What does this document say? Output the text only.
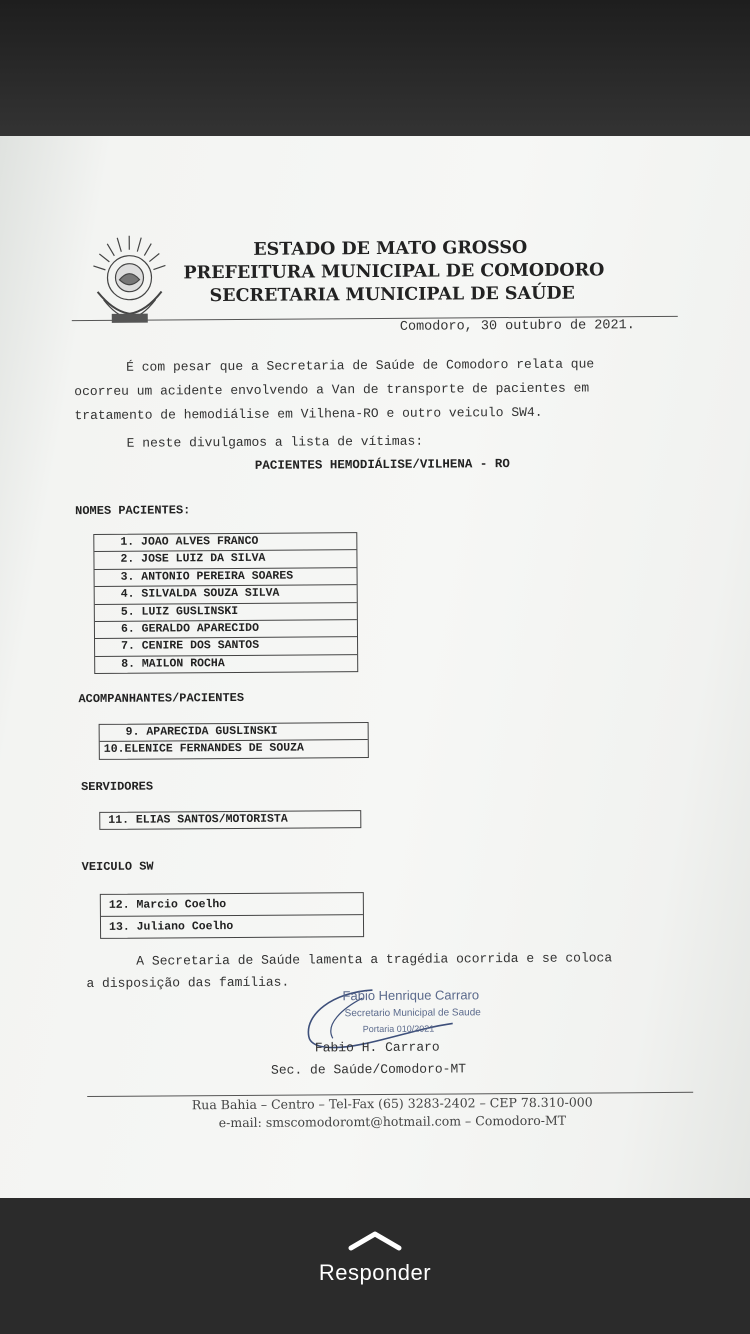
ESTADO DE MATO GROSSO
PREFEITURA MUNICIPAL DE COMODORO
SECRETARIA MUNICIPAL DE SAÚDE
Comodoro, 30 outubro de 2021.
É com pesar que a Secretaria de Saúde de Comodoro relata que
ocorreu um acidente envolvendo a Van de transporte de pacientes em
tratamento de hemodiálise em Vilhena-RO e outro veiculo SW4.
E neste divulgamos a lista de vítimas:
PACIENTES HEMODIÁLISE/VILHENA - RO
NOMES PACIENTES:
1. JOAO ALVES FRANCO
2. JOSE LUIZ DA SILVA
3. ANTONIO PEREIRA SOARES
4. SILVALDA SOUZA SILVA
5. LUIZ GUSLINSKI
6. GERALDO APARECIDO
7. CENIRE DOS SANTOS
8. MAILON ROCHA
ACOMPANHANTES/PACIENTES
9. APARECIDA GUSLINSKI
10.ELENICE FERNANDES DE SOUZA
SERVIDORES
11. ELIAS SANTOS/MOTORISTA
VEICULO SW
12. Marcio Coelho
13. Juliano Coelho
A Secretaria de Saúde lamenta a tragédia ocorrida e se coloca
a disposição das famílias.
Fabio Henrique Carraro
Secretario Municipal de Saude
Portaria 010/2021
Fabio H. Carraro
Sec. de Saúde/Comodoro-MT
Rua Bahia – Centro – Tel-Fax (65) 3283-2402 – CEP 78.310-000
e-mail: smscomodoromt@hotmail.com – Comodoro-MT
Responder
